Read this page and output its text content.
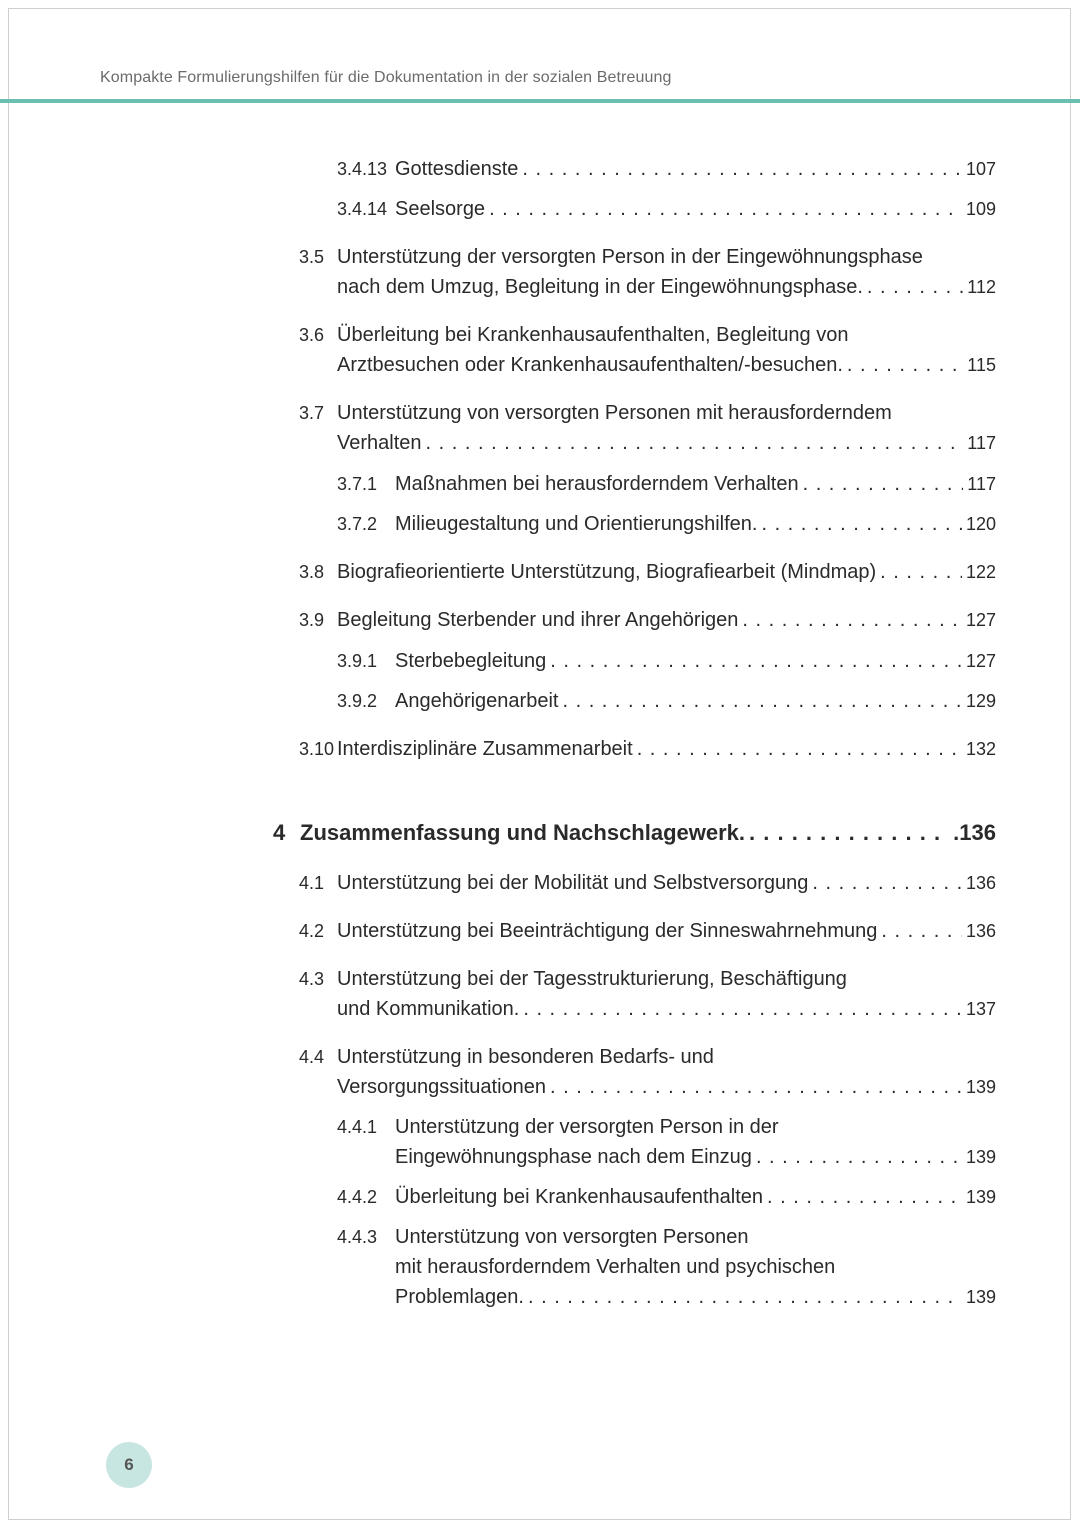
Kompakte Formulierungshilfen für die Dokumentation in der sozialen Betreuung
3.4.13 Gottesdienste . . .	107
3.4.14 Seelsorge . . .	109
3.5 Unterstützung der versorgten Person in der Eingewöhnungsphase
nach dem Umzug, Begleitung in der Eingewöhnungsphase. . . .	112
3.6 Überleitung bei Krankenhausaufenthalten, Begleitung von
Arztbesuchen oder Krankenhausaufenthalten/-besuchen. . . .	115
3.7 Unterstützung von versorgten Personen mit herausforderndem
Verhalten . . .	117
3.7.1 Maßnahmen bei herausforderndem Verhalten . . .	117
3.7.2 Milieugestaltung und Orientierungshilfen. . . .	120
3.8 Biografieorientierte Unterstützung, Biografiearbeit (Mindmap) . . .	122
3.9 Begleitung Sterbender und ihrer Angehörigen . . .	127
3.9.1 Sterbebegleitung . . .	127
3.9.2 Angehörigenarbeit . . .	129
3.10 Interdisziplinäre Zusammenarbeit . . .	132
4 Zusammenfassung und Nachschlagewerk. . . .	.136
4.1 Unterstützung bei der Mobilität und Selbstversorgung . . .	136
4.2 Unterstützung bei Beeinträchtigung der Sinneswahrnehmung . . .	136
4.3 Unterstützung bei der Tagesstrukturierung, Beschäftigung
und Kommunikation. . . .	137
4.4 Unterstützung in besonderen Bedarfs- und
Versorgungssituationen . . .	139
4.4.1 Unterstützung der versorgten Person in der
Eingewöhnungsphase nach dem Einzug . . .	139
4.4.2 Überleitung bei Krankenhausaufenthalten . . .	139
4.4.3 Unterstützung von versorgten Personen
mit herausforderndem Verhalten und psychischen
Problemlagen. . . .	139
6
